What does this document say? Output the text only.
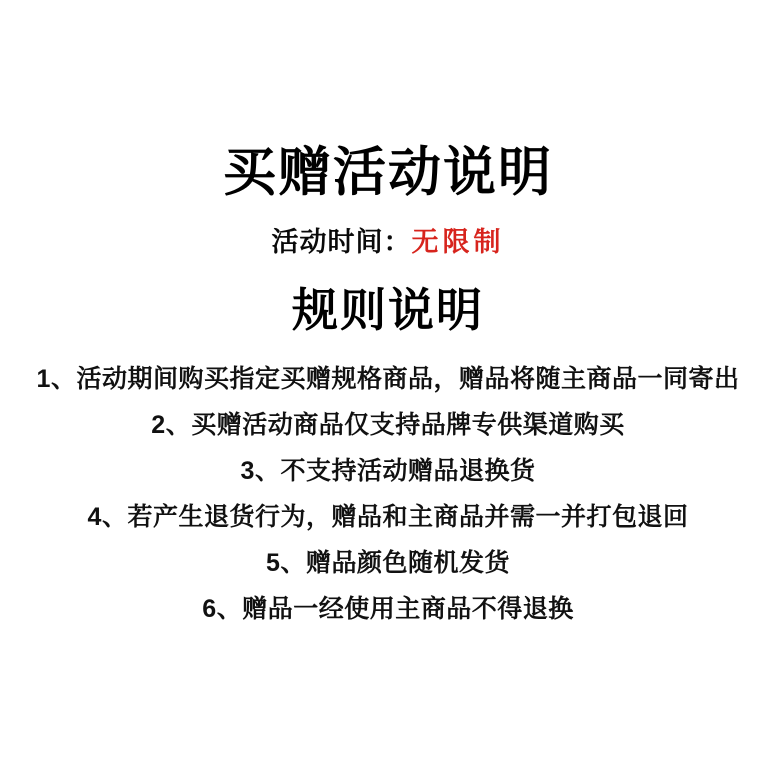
买赠活动说明
活动时间：无限制
规则说明
1、活动期间购买指定买赠规格商品，赠品将随主商品一同寄出
2、买赠活动商品仅支持品牌专供渠道购买
3、不支持活动赠品退换货
4、若产生退货行为，赠品和主商品并需一并打包退回
5、赠品颜色随机发货
6、赠品一经使用主商品不得退换
